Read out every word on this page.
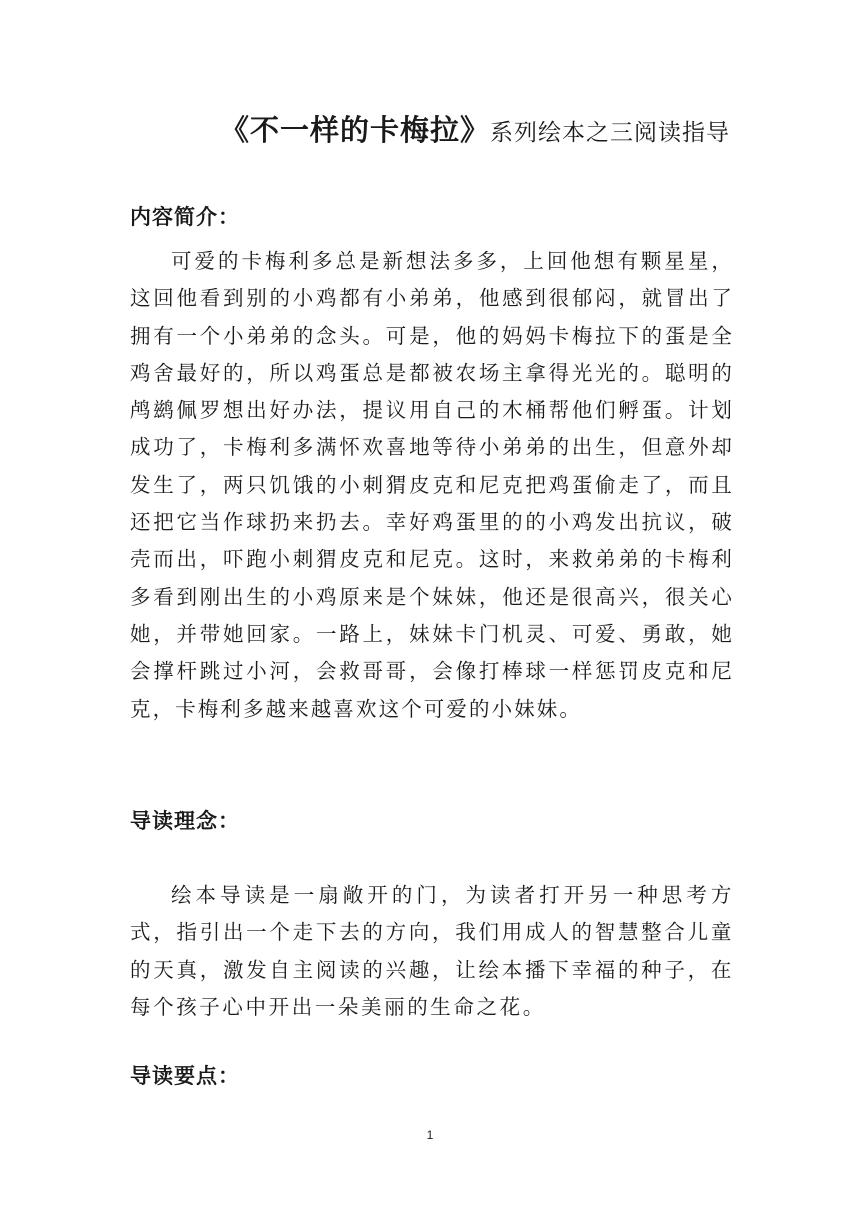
《不一样的卡梅拉》系列绘本之三阅读指导
内容简介：
可爱的卡梅利多总是新想法多多，上回他想有颗星星，这回他看到别的小鸡都有小弟弟，他感到很郁闷，就冒出了拥有一个小弟弟的念头。可是，他的妈妈卡梅拉下的蛋是全鸡舍最好的，所以鸡蛋总是都被农场主拿得光光的。聪明的鸬鹚佩罗想出好办法，提议用自己的木桶帮他们孵蛋。计划成功了，卡梅利多满怀欢喜地等待小弟弟的出生，但意外却发生了，两只饥饿的小刺猬皮克和尼克把鸡蛋偷走了，而且还把它当作球扔来扔去。幸好鸡蛋里的的小鸡发出抗议，破壳而出，吓跑小刺猬皮克和尼克。这时，来救弟弟的卡梅利多看到刚出生的小鸡原来是个妹妹，他还是很高兴，很关心她，并带她回家。一路上，妹妹卡门机灵、可爱、勇敢，她会撑杆跳过小河，会救哥哥，会像打棒球一样惩罚皮克和尼克，卡梅利多越来越喜欢这个可爱的小妹妹。
导读理念：
绘本导读是一扇敞开的门，为读者打开另一种思考方式，指引出一个走下去的方向，我们用成人的智慧整合儿童的天真，激发自主阅读的兴趣，让绘本播下幸福的种子，在每个孩子心中开出一朵美丽的生命之花。
导读要点：
1
